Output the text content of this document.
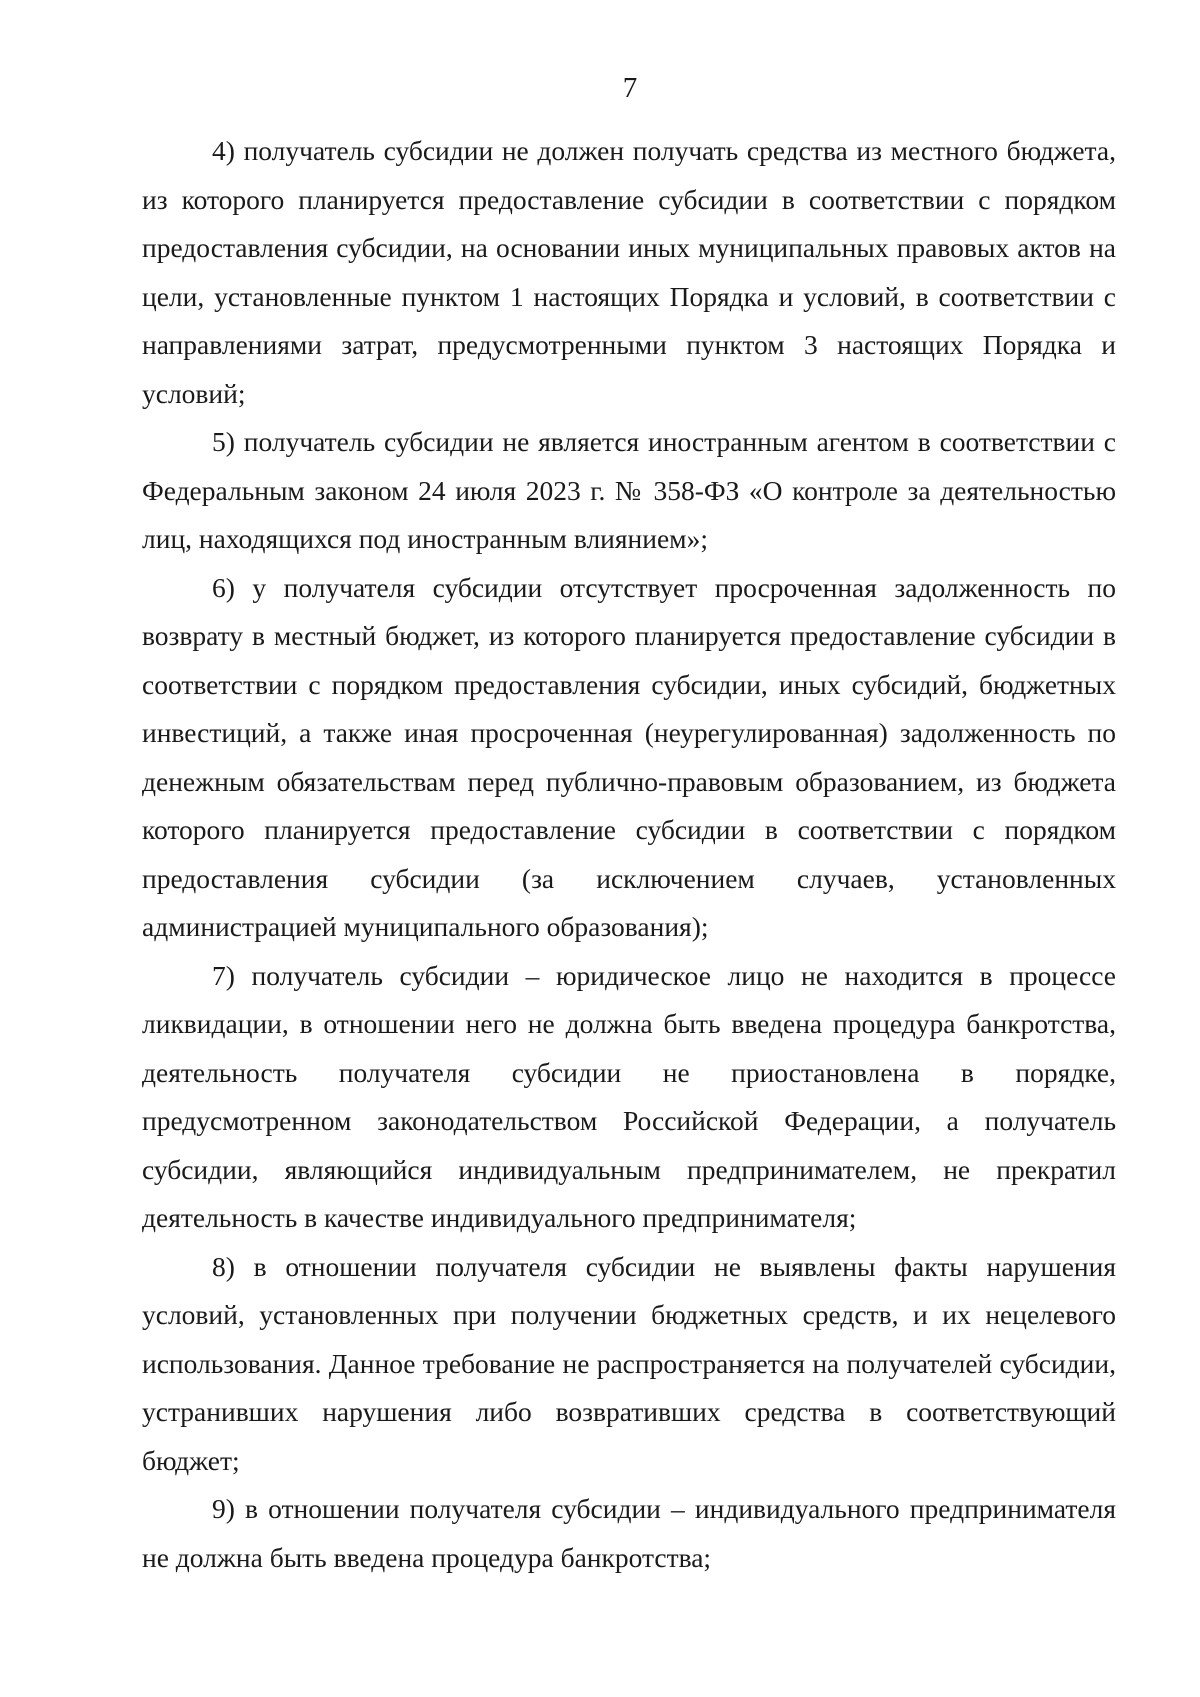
7

4) получатель субсидии не должен получать средства из местного бюджета, из которого планируется предоставление субсидии в соответствии с порядком предоставления субсидии, на основании иных муниципальных правовых актов на цели, установленные пунктом 1 настоящих Порядка и условий, в соответствии с направлениями затрат, предусмотренными пунктом 3 настоящих Порядка и условий;

5) получатель субсидии не является иностранным агентом в соответствии с Федеральным законом 24 июля 2023 г. № 358-ФЗ «О контроле за деятельностью лиц, находящихся под иностранным влиянием»;

6) у получателя субсидии отсутствует просроченная задолженность по возврату в местный бюджет, из которого планируется предоставление субсидии в соответствии с порядком предоставления субсидии, иных субсидий, бюджетных инвестиций, а также иная просроченная (неурегулированная) задолженность по денежным обязательствам перед публично-правовым образованием, из бюджета которого планируется предоставление субсидии в соответствии с порядком предоставления субсидии (за исключением случаев, установленных администрацией муниципального образования);

7) получатель субсидии – юридическое лицо не находится в процессе ликвидации, в отношении него не должна быть введена процедура банкротства, деятельность получателя субсидии не приостановлена в порядке, предусмотренном законодательством Российской Федерации, а получатель субсидии, являющийся индивидуальным предпринимателем, не прекратил деятельность в качестве индивидуального предпринимателя;

8) в отношении получателя субсидии не выявлены факты нарушения условий, установленных при получении бюджетных средств, и их нецелевого использования. Данное требование не распространяется на получателей субсидии, устранивших нарушения либо возвративших средства в соответствующий бюджет;

9) в отношении получателя субсидии – индивидуального предпринимателя не должна быть введена процедура банкротства;
